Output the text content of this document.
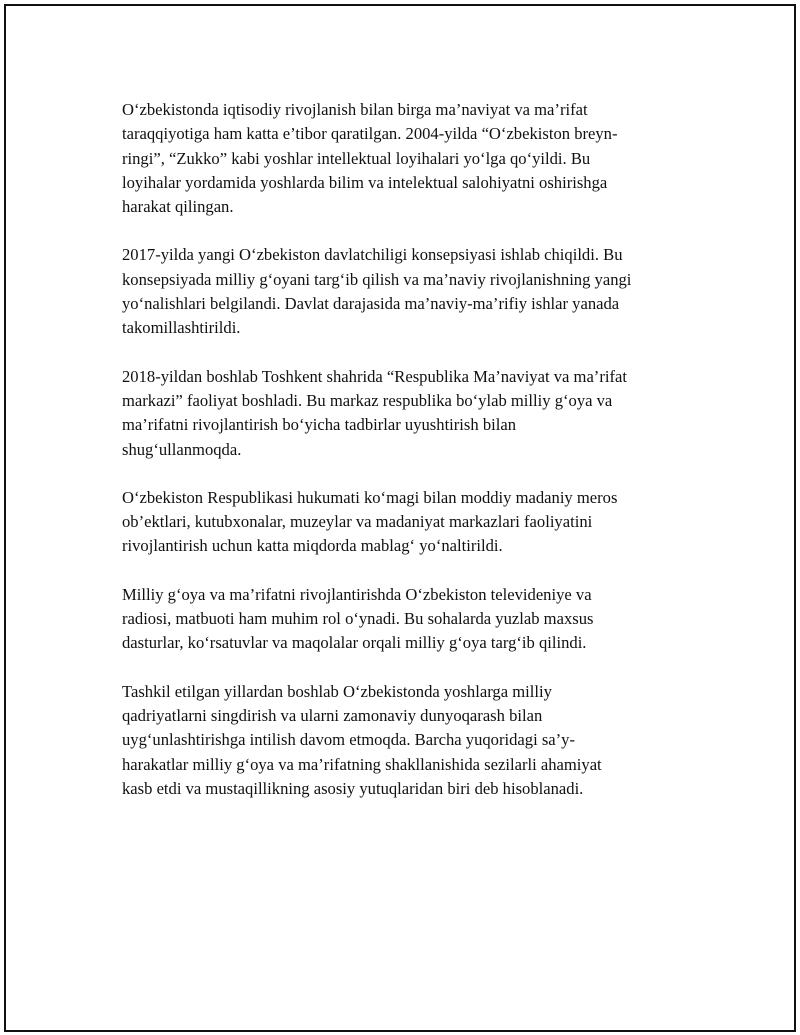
O‘zbekistonda iqtisodiy rivojlanish bilan birga ma’naviyat va ma’rifat
taraqqiyotiga ham katta e’tibor qaratilgan. 2004-yilda “O‘zbekiston breyn-
ringi”, “Zukko” kabi yoshlar intellektual loyihalari yo‘lga qo‘yildi. Bu
loyihalar yordamida yoshlarda bilim va intelektual salohiyatni oshirishga
harakat qilingan.

2017-yilda yangi O‘zbekiston davlatchiligi konsepsiyasi ishlab chiqildi. Bu
konsepsiyada milliy g‘oyani targ‘ib qilish va ma’naviy rivojlanishning yangi
yo‘nalishlari belgilandi. Davlat darajasida ma’naviy-ma’rifiy ishlar yanada
takomillashtirildi.

2018-yildan boshlab Toshkent shahrida “Respublika Ma’naviyat va ma’rifat
markazi” faoliyat boshladi. Bu markaz respublika bo‘ylab milliy g‘oya va
ma’rifatni rivojlantirish bo‘yicha tadbirlar uyushtirish bilan
shug‘ullanmoqda.

O‘zbekiston Respublikasi hukumati ko‘magi bilan moddiy madaniy meros
ob’ektlari, kutubxonalar, muzeylar va madaniyat markazlari faoliyatini
rivojlantirish uchun katta miqdorda mablag‘ yo‘naltirildi.

Milliy g‘oya va ma’rifatni rivojlantirishda O‘zbekiston televideniye va
radiosi, matbuoti ham muhim rol o‘ynadi. Bu sohalarda yuzlab maxsus
dasturlar, ko‘rsatuvlar va maqolalar orqali milliy g‘oya targ‘ib qilindi.

Tashkil etilgan yillardan boshlab O‘zbekistonda yoshlarga milliy
qadriyatlarni singdirish va ularni zamonaviy dunyoqarash bilan
uyg‘unlashtirishga intilish davom etmoqda. Barcha yuqoridagi sa’y-
harakatlar milliy g‘oya va ma’rifatning shakllanishida sezilarli ahamiyat
kasb etdi va mustaqillikning asosiy yutuqlaridan biri deb hisoblanadi.
